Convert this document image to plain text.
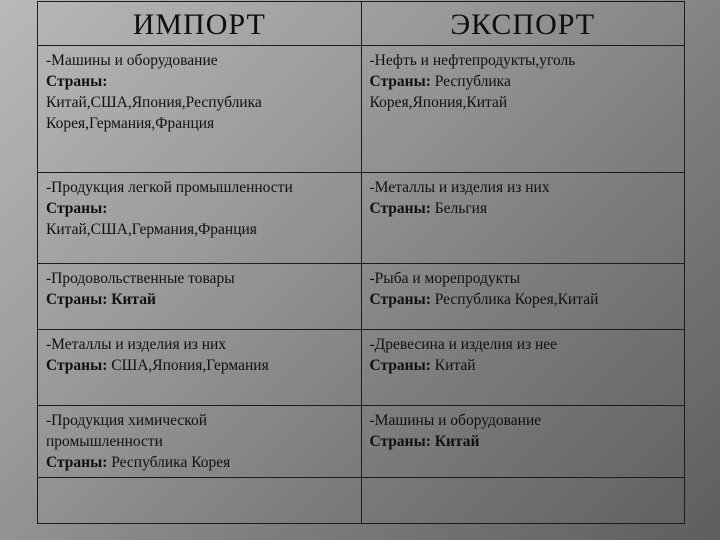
ИМПОРТ	ЭКСПОРТ

-Машины и оборудование
Страны:
Китай,США,Япония,Республика
Корея,Германия,Франция	-Нефть и нефтепродукты,уголь
Страны: Республика
Корея,Япония,Китай

-Продукция легкой промышленности
Страны:
Китай,США,Германия,Франция	-Металлы и изделия из них
Страны: Бельгия

-Продовольственные товары
Страны: Китай	-Рыба и морепродукты
Страны: Республика Корея,Китай

-Металлы и изделия из них
Страны: США,Япония,Германия	-Древесина и изделия из нее
Страны: Китай

-Продукция химической
промышленности
Страны: Республика Корея	-Машины и оборудование
Страны: Китай
